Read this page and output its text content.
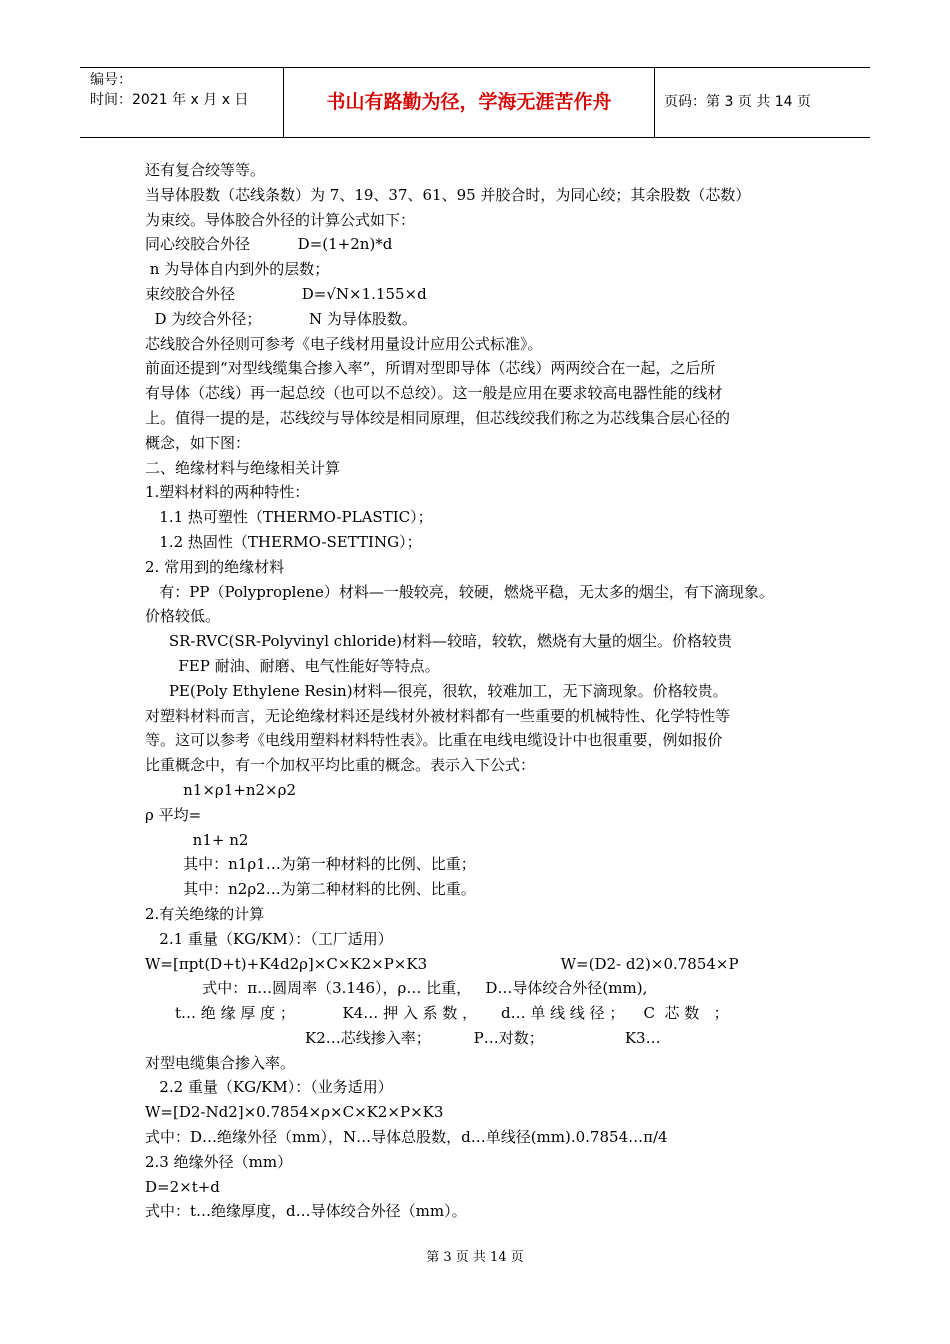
编号：
时间：2021 年 x 月 x 日	书山有路勤为径，学海无涯苦作舟	页码：第 3 页 共 14 页
还有复合绞等等。
当导体股数（芯线条数）为 7、19、37、61、95 并胶合时，为同心绞；其余股数（芯数）
为束绞。导体胶合外径的计算公式如下：
同心绞胶合外径          D=(1+2n)*d
n 为导体自内到外的层数；
束绞胶合外径              D=√N×1.155×d
D 为绞合外径；          N 为导体股数。
芯线胶合外径则可参考《电子线材用量设计应用公式标准》。
前面还提到“对型线缆集合掺入率”，所谓对型即导体（芯线）两两绞合在一起，之后所
有导体（芯线）再一起总绞（也可以不总绞）。这一般是应用在要求较高电器性能的线材
上。值得一提的是，芯线绞与导体绞是相同原理，但芯线绞我们称之为芯线集合层心径的
概念，如下图：
二、绝缘材料与绝缘相关计算
1.塑料材料的两种特性：
1.1 热可塑性（THERMO-PLASTIC）；
1.2 热固性（THERMO-SETTING）；
2. 常用到的绝缘材料
有：PP（Polyproplene）材料—一般较亮，较硬，燃烧平稳，无太多的烟尘，有下滴现象。
价格较低。
SR-RVC(SR-Polyvinyl chloride)材料—较暗，较软，燃烧有大量的烟尘。价格较贵
FEP 耐油、耐磨、电气性能好等特点。
PE(Poly Ethylene Resin)材料—很亮，很软，较难加工，无下滴现象。价格较贵。
对塑料材料而言，无论绝缘材料还是线材外被材料都有一些重要的机械特性、化学特性等
等。这可以参考《电线用塑料材料特性表》。比重在电线电缆设计中也很重要，例如报价
比重概念中，有一个加权平均比重的概念。表示入下公式：
n1×ρ1+n2×ρ2
ρ 平均=
n1+ n2
其中：n1ρ1…为第一种材料的比例、比重；
其中：n2ρ2…为第二种材料的比例、比重。
2.有关绝缘的计算
2.1 重量（KG/KM）：（工厂适用）
W=[πpt(D+t)+K4d2ρ]×C×K2×P×K3                            W=(D2- d2)×0.7854×P
式中：π…圆周率（3.146），ρ… 比重，   D…导体绞合外径(mm),
t… 绝 缘 厚 度 ；          K4… 押 入 系 数 ，     d… 单 线 线 径 ；    C  芯 数   ；
K2…芯线掺入率；         P…对数；                 K3…
对型电缆集合掺入率。
2.2 重量（KG/KM）：（业务适用）
W=[D2-Nd2]×0.7854×ρ×C×K2×P×K3
式中：D…绝缘外径（mm），N…导体总股数，d…单线径(mm).0.7854…π/4
2.3 绝缘外径（mm）
D=2×t+d
式中：t…绝缘厚度，d…导体绞合外径（mm）。
第 3 页 共 14 页
